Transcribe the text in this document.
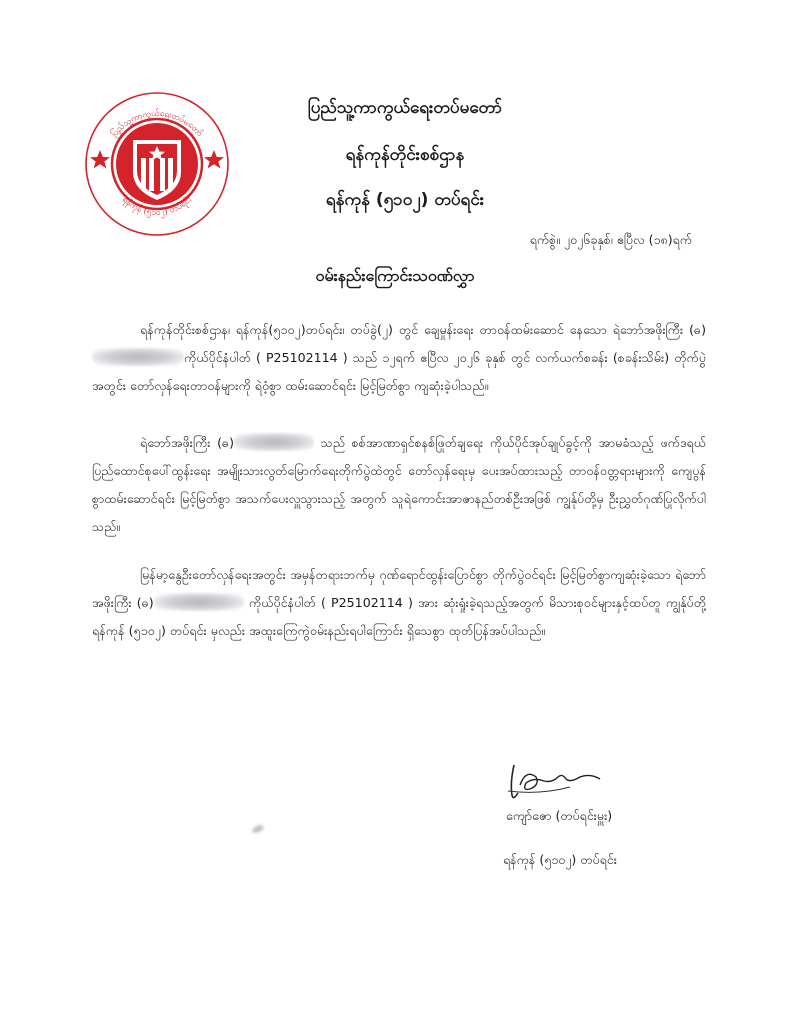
ပြည်သူ့ကာကွယ်ရေးတပ်မတော်
ရန်ကုန် (၅၁၀၂) တပ်ရင်း
ပြည်သူ့ကာကွယ်ရေးတပ်မတော်
ရန်ကုန်တိုင်းစစ်ဌာန
ရန်ကုန် (၅၁၀၂) တပ်ရင်း
ရက်စွဲ။ ၂၀၂၆ခုနှစ်၊ ဧပြီလ (၁၈)ရက်
ဝမ်းနည်းကြောင်းသဝဏ်လွှာ
ရန်ကုန်တိုင်းစစ်ဌာန၊ ရန်ကုန်(၅၁၀၂)တပ်ရင်း၊ တပ်ခွဲ(၂) တွင် ချေမှုန်းရေး တာဝန်ထမ်းဆောင် နေသော ရဲဘော်အဖိုးကြီး (ဓ)ကိုယ်ပိုင်နံပါတ် ( P25102114 ) သည် ၁၂ရက် ဧပြီလ ၂၀၂၆ ခုနှစ် တွင် လက်ယက်စခန်း (စခန်းသိမ်း) တိုက်ပွဲအတွင်း တော်လှန်ရေးတာဝန်များကို ရဲဝံ့စွာ ထမ်းဆောင်ရင်း မြင့်မြတ်စွာ ကျဆုံးခဲ့ပါသည်။
ရဲဘော်အဖိုးကြီး (ဓ)	သည် စစ်အာဏာရှင်စနစ်ဖြုတ်ချရေး ကိုယ်ပိုင်အုပ်ချုပ်ခွင့်ကို အာမခံသည့် ဖက်ဒရယ်ပြည်ထောင်စုပေါ်ထွန်းရေး အမျိုးသားလွတ်မြောက်ရေးတိုက်ပွဲထဲတွင် တော်လှန်ရေးမှ ပေးအပ်ထားသည့် တာဝန်ဝတ္တရားများကို ကျေပွန်စွာထမ်းဆောင်ရင်း မြင့်မြတ်စွာ အသက်ပေးလှူသွားသည့် အတွက် သူရဲကောင်းအာဇာနည်တစ်ဦးအဖြစ် ကျွန်ုပ်တို့မှ ဦးညွှတ်ဂုဏ်ပြုလိုက်ပါသည်။
မြန်မာ့နွေဦးတော်လှန်ရေးအတွင်း အမှန်တရားဘက်မှ ဂုဏ်ရောင်ထွန်းပြောင်စွာ တိုက်ပွဲဝင်ရင်း မြင့်မြတ်စွာကျဆုံးခဲ့သော ရဲဘော်အဖိုးကြီး (ဓ)	ကိုယ်ပိုင်နံပါတ် ( P25102114 ) အား ဆုံးရှုံးခဲ့ရသည့်အတွက် မိသားစုဝင်များနှင့်ထပ်တူ ကျွန်ုပ်တို့ ရန်ကုန် (၅၁၀၂) တပ်ရင်း မှလည်း အထူးကြေကွဲဝမ်းနည်းရပါကြောင်း ရှိသေစွာ ထုတ်ပြန်အပ်ပါသည်။
ကျော်ဇော (တပ်ရင်းမှူး)
ရန်ကုန် (၅၁၀၂) တပ်ရင်း
